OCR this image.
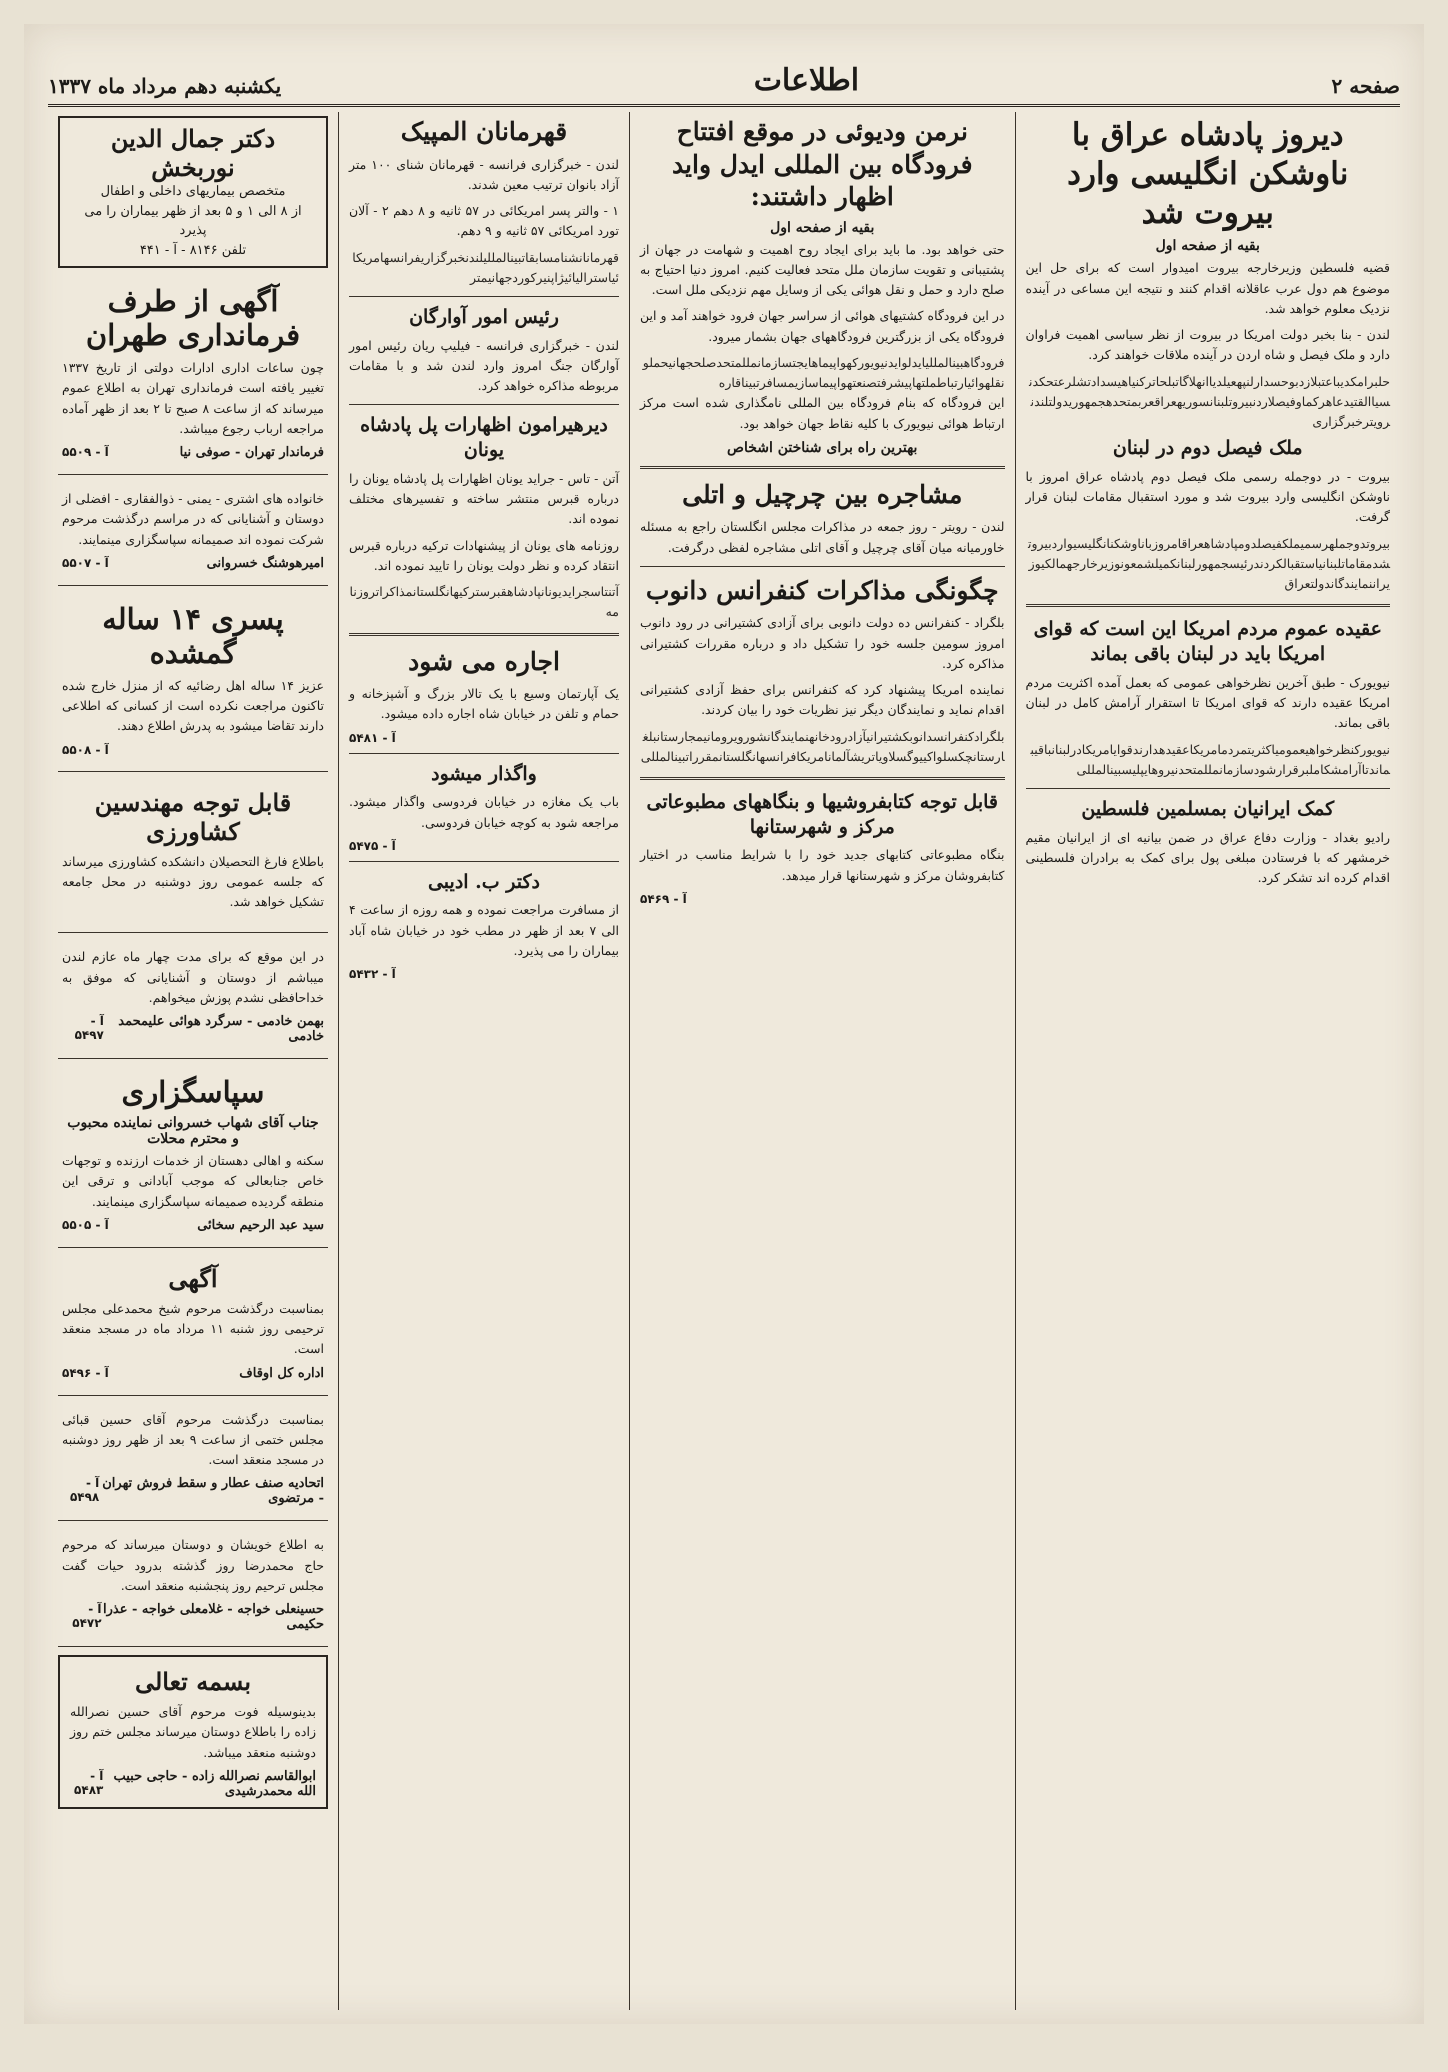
صفحه ۲
اطلاعات
یکشنبه دهم مرداد ماه ۱۳۳۷
دیروز پادشاه عراق با ناوشکن انگلیسی وارد بیروت شد
بقیه از صفحه اول

قضیه فلسطین وزیرخارجه بیروت امیدوار است که برای حل این موضوع هم دول عرب عاقلانه اقدام کنند و نتیجه این مساعی در آینده نزدیک معلوم خواهد شد.

لندن - بنا بخبر دولت امریکا در بیروت از نظر سیاسی اهمیت فراوان دارد و ملک فیصل و شاه اردن در آینده ملاقات خواهند کرد.

حلبرامکدیباعتبلازدبوحسدارلنپهعیلدیاانهلاگاتبلحاترکنیاهیسدادتشلرعتحکدنسیاالقتیدعاهرکماوفیصلاردنبیروتلبنانسوریهعراقعربمتحدهجمهوریدولتلندنرویترخبرگزاری

ملک فیصل دوم در لبنان

بیروت - در دوجمله رسمی ملک فیصل دوم پادشاه عراق امروز با ناوشکن انگلیسی وارد بیروت شد و مورد استقبال مقامات لبنان قرار گرفت.

بیروتدوجملهرسمیملکفیصلدومپادشاهعراقامروزباناوشکنانگلیسیواردبیروتشدمقاماتلبنانیاستقبالکردندرئیسجمهورلبنانکمیلشمعونوزیرخارجهمالکیوزیراننمایندگاندولتعراق

عقیده عموم مردم امریکا این است که قوای امریکا باید در لبنان باقی بماند

نیویورک - طبق آخرین نظرخواهی عمومی که بعمل آمده اکثریت مردم امریکا عقیده دارند که قوای امریکا تا استقرار آرامش کامل در لبنان باقی بماند.

نیویورکنظرخواهیعمومیاکثریتمردمامریکاعقیدهدارندقوایامریکادرلبنانباقیبماندتاآرامشکاملبرقرارشودسازمانمللمتحدنیروهایپلیسبینالمللی

کمک ایرانیان بمسلمین فلسطین

رادیو بغداد - وزارت دفاع عراق در ضمن بیانیه ای از ایرانیان مقیم خرمشهر که با فرستادن مبلغی پول برای کمک به برادران فلسطینی اقدام کرده اند تشکر کرد.

نرمن ودیوئی در موقع افتتاح فرودگاه بین المللی ایدل واید اظهار داشتند:
بقیه از صفحه اول

حتی خواهد بود. ما باید برای ایجاد روح اهمیت و شهامت در جهان از پشتیبانی و تقویت سازمان ملل متحد فعالیت کنیم. امروز دنیا احتیاج به صلح دارد و حمل و نقل هوائی یکی از وسایل مهم نزدیکی ملل است.

در این فرودگاه کشتیهای هوائی از سراسر جهان فرود خواهند آمد و این فرودگاه یکی از بزرگترین فرودگاههای جهان بشمار میرود.

فرودگاهبینالمللیایدلوایدنیویورکهواپیماهایجتسازمانمللمتحدصلحجهانیحملونقلهوائیارتباطملتهاپیشرفتصنعتهواپیماسازیمسافرتبیناقاره

این فرودگاه که بنام فرودگاه بین المللی نامگذاری شده است مرکز ارتباط هوائی نیویورک با کلیه نقاط جهان خواهد بود.

بهترین راه برای شناختن اشخاص
مشاجره بین چرچیل و اتلی

لندن - رویتر - روز جمعه در مذاکرات مجلس انگلستان راجع به مسئله خاورمیانه میان آقای چرچیل و آقای اتلی مشاجره لفظی درگرفت.

چگونگی مذاکرات کنفرانس دانوب

بلگراد - کنفرانس ده دولت دانوبی برای آزادی کشتیرانی در رود دانوب امروز سومین جلسه خود را تشکیل داد و درباره مقررات کشتیرانی مذاکره کرد.

نماینده امریکا پیشنهاد کرد که کنفرانس برای حفظ آزادی کشتیرانی اقدام نماید و نمایندگان دیگر نیز نظریات خود را بیان کردند.

بلگرادکنفرانسدانوبکشتیرانیآزادرودخانهنمایندگانشورویرومانیمجارستانبلغارستانچکسلواکییوگسلاویاتریشآلمانامریکافرانسهانگلستانمقرراتبینالمللی

قابل توجه کتابفروشیها و بنگاههای مطبوعاتی مرکز و شهرستانها

بنگاه مطبوعاتی کتابهای جدید خود را با شرایط مناسب در اختیار کتابفروشان مرکز و شهرستانها قرار میدهد.

آ - ۵۴۶۹
قهرمانان المپیک

لندن - خبرگزاری فرانسه - قهرمانان شنای ۱۰۰ متر آزاد بانوان ترتیب معین شدند.

۱ - والتر پسر امریکائی در ۵۷ ثانیه و ۸ دهم ۲ - آلان تورد امریکائی ۵۷ ثانیه و ۹ دهم.

قهرمانانشنامسابقاتبینالمللیلندنخبرگزاریفرانسهامریکائیاسترالیائیژاپنیرکوردجهانیمتر

رئیس امور آوارگان

لندن - خبرگزاری فرانسه - فیلیپ ریان رئیس امور آوارگان جنگ امروز وارد لندن شد و با مقامات مربوطه مذاکره خواهد کرد.

دیرهیرامون اظهارات پل پادشاه یونان

آتن - تاس - جراید یونان اظهارات پل پادشاه یونان را درباره قبرس منتشر ساخته و تفسیرهای مختلف نموده اند.

روزنامه های یونان از پیشنهادات ترکیه درباره قبرس انتقاد کرده و نظر دولت یونان را تایید نموده اند.

آتنتاسجرایدیونانپادشاهقبرسترکیهانگلستانمذاکراتروزنامه

اجاره می شود

یک آپارتمان وسیع با یک تالار بزرگ و آشپزخانه و حمام و تلفن در خیابان شاه اجاره داده میشود.

آ - ۵۴۸۱
واگذار میشود

باب یک مغازه در خیابان فردوسی واگذار میشود. مراجعه شود به کوچه خیابان فردوسی.

آ - ۵۴۷۵
دکتر ب. ادیبی

از مسافرت مراجعت نموده و همه روزه از ساعت ۴ الی ۷ بعد از ظهر در مطب خود در خیابان شاه آباد بیماران را می پذیرد.

آ - ۵۴۳۲
دکتر جمال الدین نوربخش
متخصص بیماریهای داخلی و اطفال
از ۸ الی ۱ و ۵ بعد از ظهر بیماران را می پذیرد
تلفن ۸۱۴۶ - آ - ۴۴۱
آگهی از طرف فرمانداری طهران

چون ساعات اداری ادارات دولتی از تاریخ ۱۳۳۷ تغییر یافته است فرمانداری تهران به اطلاع عموم میرساند که از ساعت ۸ صبح تا ۲ بعد از ظهر آماده مراجعه ارباب رجوع میباشد.

فرماندار تهران - صوفی نیا
آ - ۵۵۰۹

خانواده های اشتری - یمنی - ذوالفقاری - افضلی از دوستان و آشنایانی که در مراسم درگذشت مرحوم شرکت نموده اند صمیمانه سپاسگزاری مینمایند.

امیرهوشنگ خسروانی
آ - ۵۵۰۷
پسری ۱۴ ساله گمشده

عزیز ۱۴ ساله اهل رضائیه که از منزل خارج شده تاکنون مراجعت نکرده است از کسانی که اطلاعی دارند تقاضا میشود به پدرش اطلاع دهند.

آ - ۵۵۰۸
قابل توجه مهندسین کشاورزی

باطلاع فارغ التحصیلان دانشکده کشاورزی میرساند که جلسه عمومی روز دوشنبه در محل جامعه تشکیل خواهد شد.

در این موقع که برای مدت چهار ماه عازم لندن میباشم از دوستان و آشنایانی که موفق به خداحافظی نشدم پوزش میخواهم.

بهمن خادمی - سرگرد هوائی علیمحمد خادمی
آ - ۵۴۹۷
سپاسگزاری
جناب آقای شهاب خسروانی نماینده محبوب و محترم محلات

سکنه و اهالی دهستان از خدمات ارزنده و توجهات خاص جنابعالی که موجب آبادانی و ترقی این منطقه گردیده صمیمانه سپاسگزاری مینمایند.

سید عبد الرحیم سخائی
آ - ۵۵۰۵
آگهی

بمناسبت درگذشت مرحوم شیخ محمدعلی مجلس ترحیمی روز شنبه ۱۱ مرداد ماه در مسجد منعقد است.

اداره کل اوقاف
آ - ۵۴۹۶

بمناسبت درگذشت مرحوم آقای حسین قبائی مجلس ختمی از ساعت ۹ بعد از ظهر روز دوشنبه در مسجد منعقد است.

اتحادیه صنف عطار و سقط فروش تهران - مرتضوی
آ - ۵۴۹۸

به اطلاع خویشان و دوستان میرساند که مرحوم حاج محمدرضا روز گذشته بدرود حیات گفت مجلس ترحیم روز پنجشنبه منعقد است.

حسینعلی خواجه - غلامعلی خواجه - عذرا حکیمی
آ - ۵۴۷۲
بسمه تعالی

بدینوسیله فوت مرحوم آقای حسین نصرالله زاده را باطلاع دوستان میرساند مجلس ختم روز دوشنبه منعقد میباشد.

ابوالقاسم نصرالله زاده - حاجی حبیب الله محمدرشیدی
آ - ۵۴۸۳
